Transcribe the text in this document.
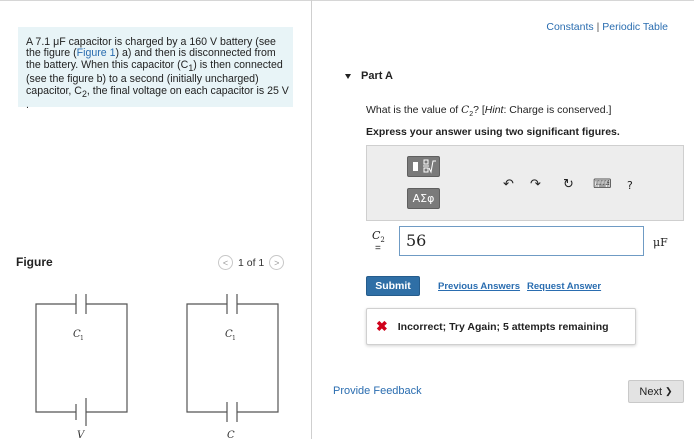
A 7.1 μF capacitor is charged by a 160 V battery (see the figure (Figure 1) a) and then is disconnected from the battery. When this capacitor $(C_1)$ is then connected (see the figure b) to a second (initially uncharged) capacitor, $C_2$, the final voltage on each capacitor is 25 V .
Figure	< 1 of 1	>
C 1
V
C 1
C
Constants | Periodic Table
Part A
What is the value of $C_2$? [Hint: Charge is conserved.]
Express your answer using two significant figures.
ΑΣφ
↶ ↷ ↻ ⌨ ?
$C_2$
=	56	μF
Submit	Previous Answers Request Answer
✖ Incorrect; Try Again; 5 attempts remaining
Provide Feedback	Next ❯
